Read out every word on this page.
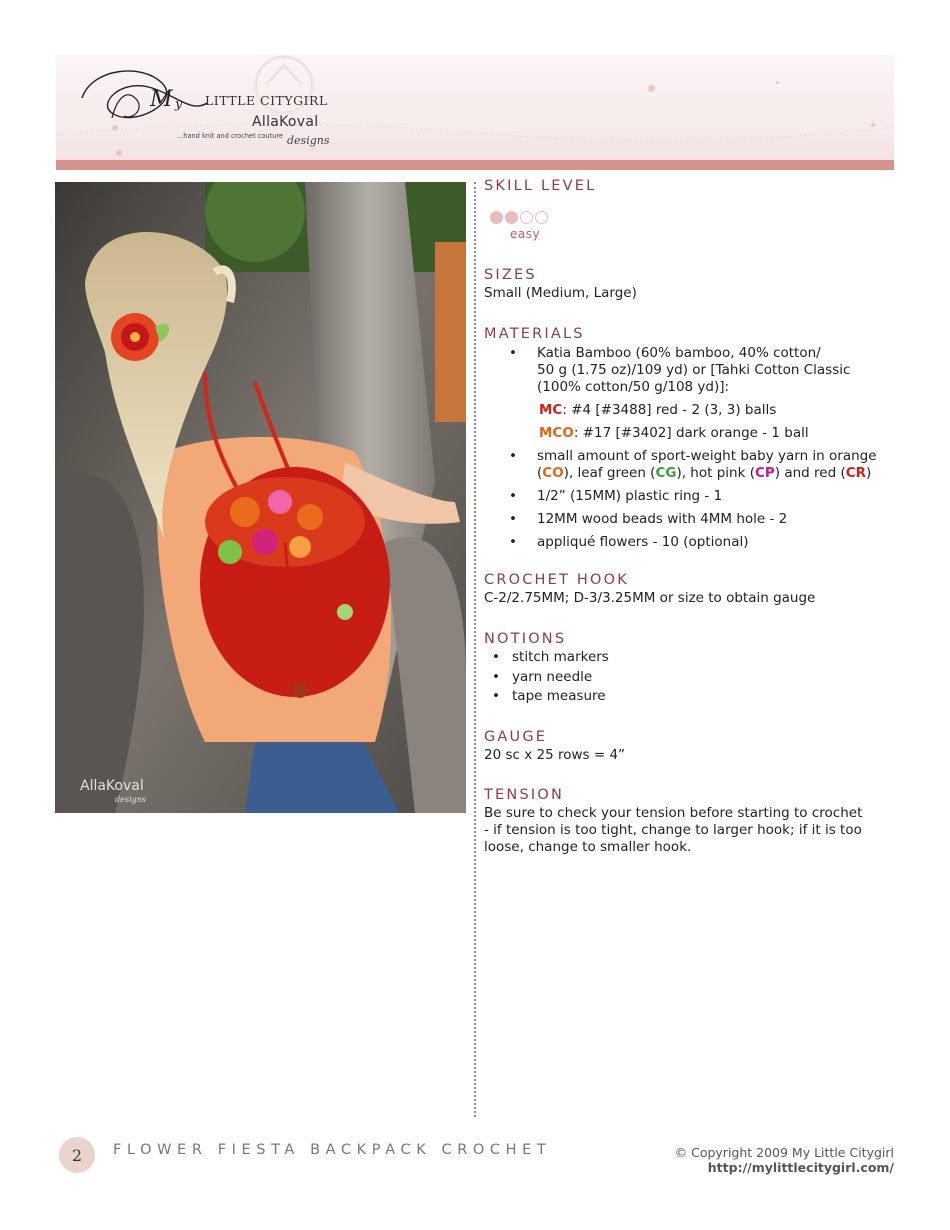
M y LITTLE CITYGIRL
AllaKoval
...hand knit and crochet couture designs
AllaKoval
designs
SKILL LEVEL
easy
SIZES
Small (Medium, Large)
MATERIALS
• Katia Bamboo (60% bamboo, 40% cotton/
50 g (1.75 oz)/109 yd) or [Tahki Cotton Classic
(100% cotton/50 g/108 yd)]:
MC: #4 [#3488] red - 2 (3, 3) balls
MCO: #17 [#3402] dark orange - 1 ball
• small amount of sport-weight baby yarn in orange
(CO), leaf green (CG), hot pink (CP) and red (CR)
• 1/2” (15MM) plastic ring - 1
• 12MM wood beads with 4MM hole - 2
• appliqué flowers - 10 (optional)
CROCHET HOOK
C-2/2.75MM; D-3/3.25MM or size to obtain gauge
NOTIONS
• stitch markers
• yarn needle
• tape measure
GAUGE
20 sc x 25 rows = 4”
TENSION
Be sure to check your tension before starting to crochet
- if tension is too tight, change to larger hook; if it is too
loose, change to smaller hook.
2	FLOWER FIESTA BACKPACK CROCHET	© Copyright 2009 My Little Citygirl
http://mylittlecitygirl.com/
